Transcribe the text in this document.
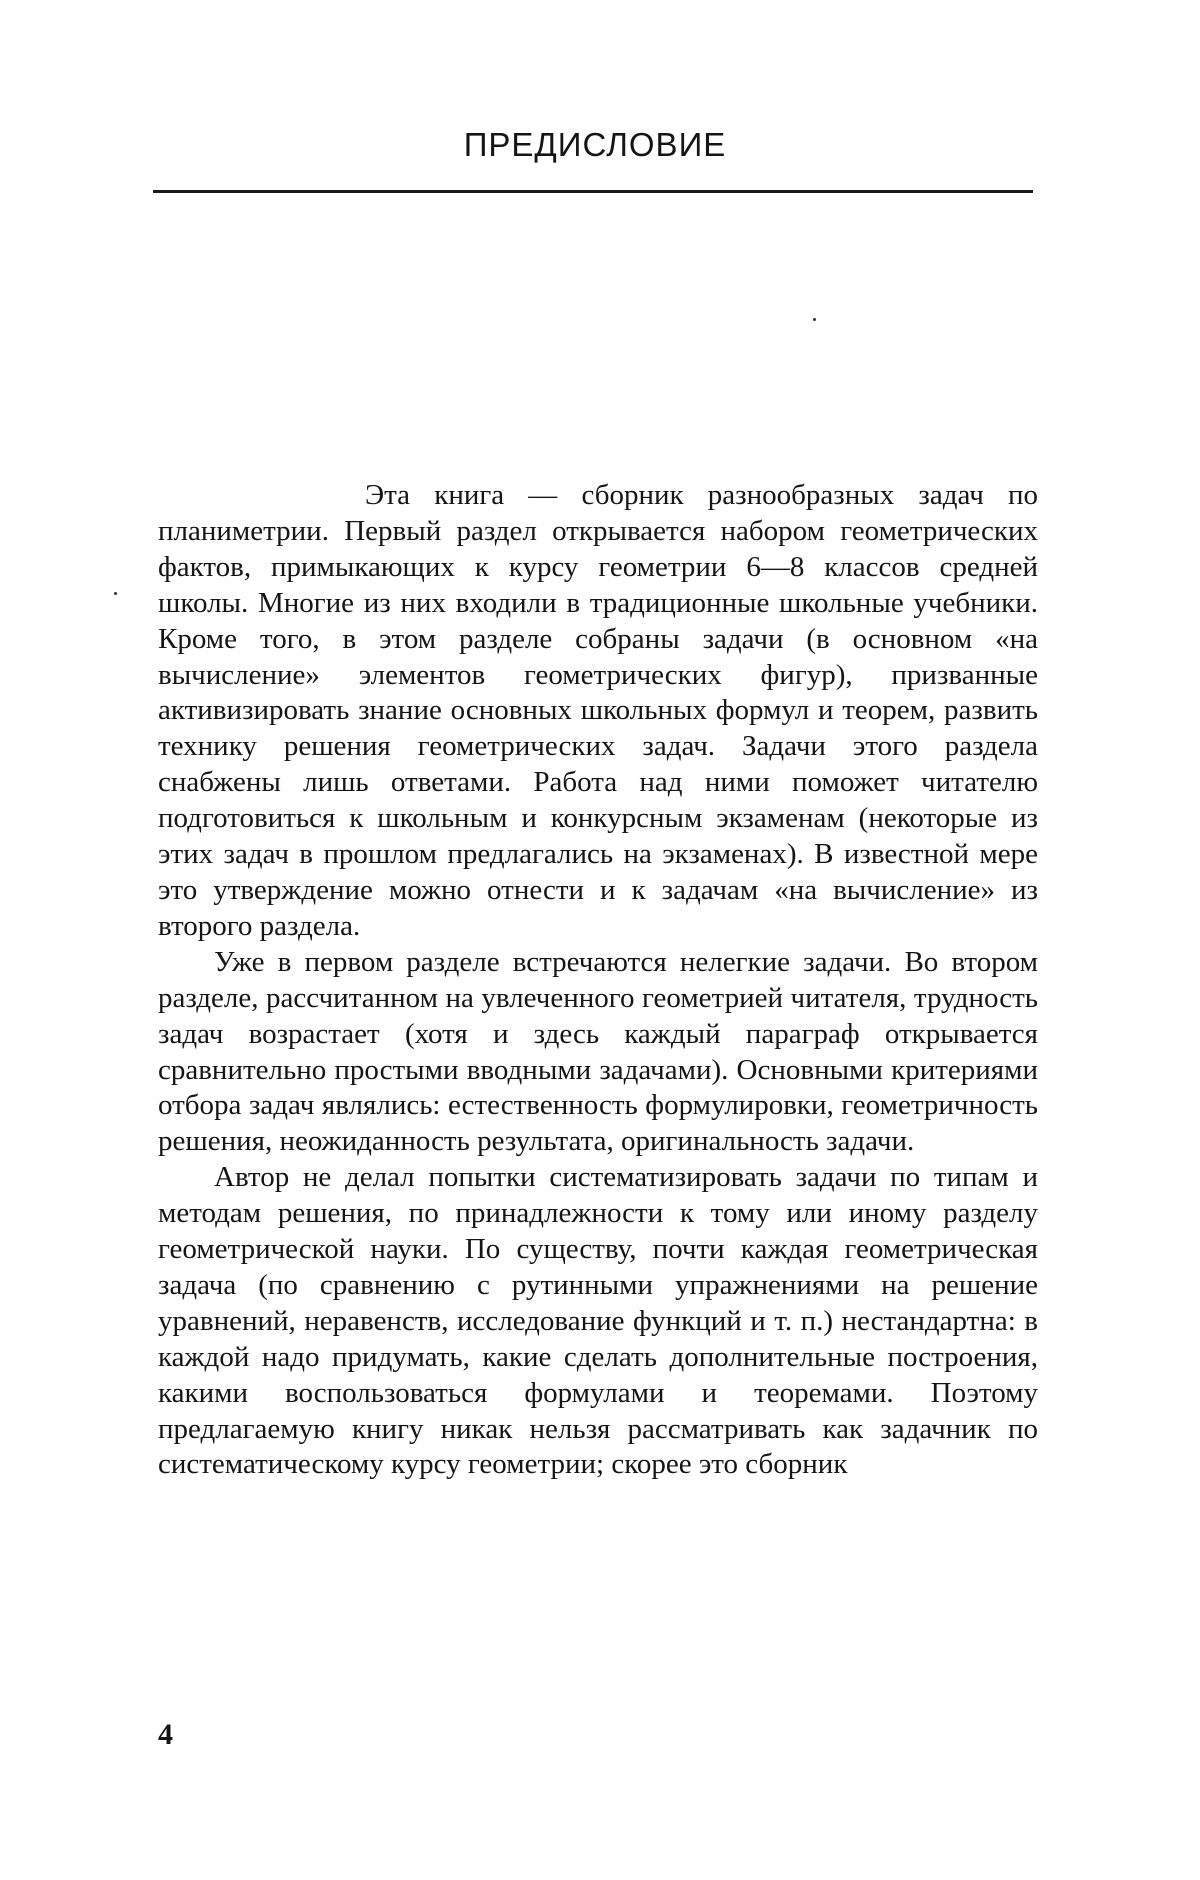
ПРЕДИСЛОВИЕ

Эта книга — сборник разнообразных задач по планиметрии. Первый раздел открывается набором геометрических фактов, примыкающих к курсу геометрии 6—8 классов средней школы. Многие из них входили в традиционные школьные учебники. Кроме того, в этом разделе собраны задачи (в основном «на вычисление» элементов геометрических фигур), призванные активизировать знание основных школьных формул и теорем, развить технику решения геометрических задач. Задачи этого раздела снабжены лишь ответами. Работа над ними поможет читателю подготовиться к школьным и конкурсным экзаменам (некоторые из этих задач в прошлом предлагались на экзаменах). В известной мере это утверждение можно отнести и к задачам «на вычисление» из второго раздела.

Уже в первом разделе встречаются нелегкие задачи. Во втором разделе, рассчитанном на увлеченного геометрией читателя, трудность задач возрастает (хотя и здесь каждый параграф открывается сравнительно простыми вводными задачами). Основными критериями отбора задач являлись: естественность формулировки, геометричность решения, неожиданность результата, оригинальность задачи.

Автор не делал попытки систематизировать задачи по типам и методам решения, по принадлежности к тому или иному разделу геометрической науки. По существу, почти каждая геометрическая задача (по сравнению с рутинными упражнениями на решение уравнений, неравенств, исследование функций и т. п.) нестандартна: в каждой надо придумать, какие сделать дополнительные построения, какими воспользоваться формулами и теоремами. Поэтому предлагаемую книгу никак нельзя рассматривать как задачник по систематическому курсу геометрии; скорее это сборник

4
